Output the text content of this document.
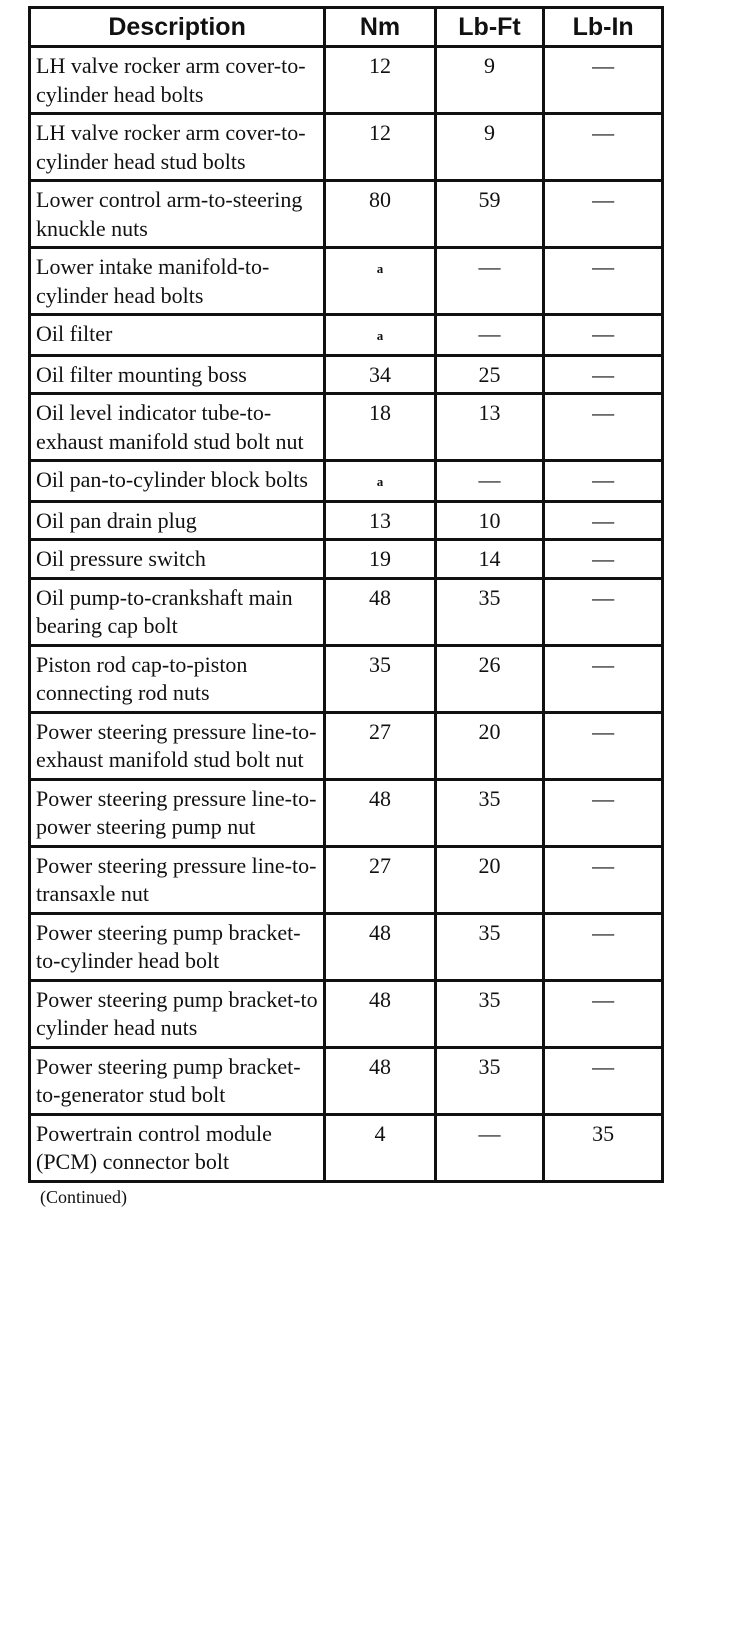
Description	Nm	Lb-Ft	Lb-In
LH valve rocker arm cover-to-cylinder head bolts	12	9	—
LH valve rocker arm cover-to-cylinder head stud bolts	12	9	—
Lower control arm-to-steering knuckle nuts	80	59	—
Lower intake manifold-to-cylinder head bolts	a	—	—
Oil filter	a	—	—
Oil filter mounting boss	34	25	—
Oil level indicator tube-to-exhaust manifold stud bolt nut	18	13	—
Oil pan-to-cylinder block bolts	a	—	—
Oil pan drain plug	13	10	—
Oil pressure switch	19	14	—
Oil pump-to-crankshaft main bearing cap bolt	48	35	—
Piston rod cap-to-piston connecting rod nuts	35	26	—
Power steering pressure line-to-exhaust manifold stud bolt nut	27	20	—
Power steering pressure line-to-power steering pump nut	48	35	—
Power steering pressure line-to-transaxle nut	27	20	—
Power steering pump bracket-to-cylinder head bolt	48	35	—
Power steering pump bracket-to cylinder head nuts	48	35	—
Power steering pump bracket-to-generator stud bolt	48	35	—
Powertrain control module (PCM) connector bolt	4	—	35
(Continued)
